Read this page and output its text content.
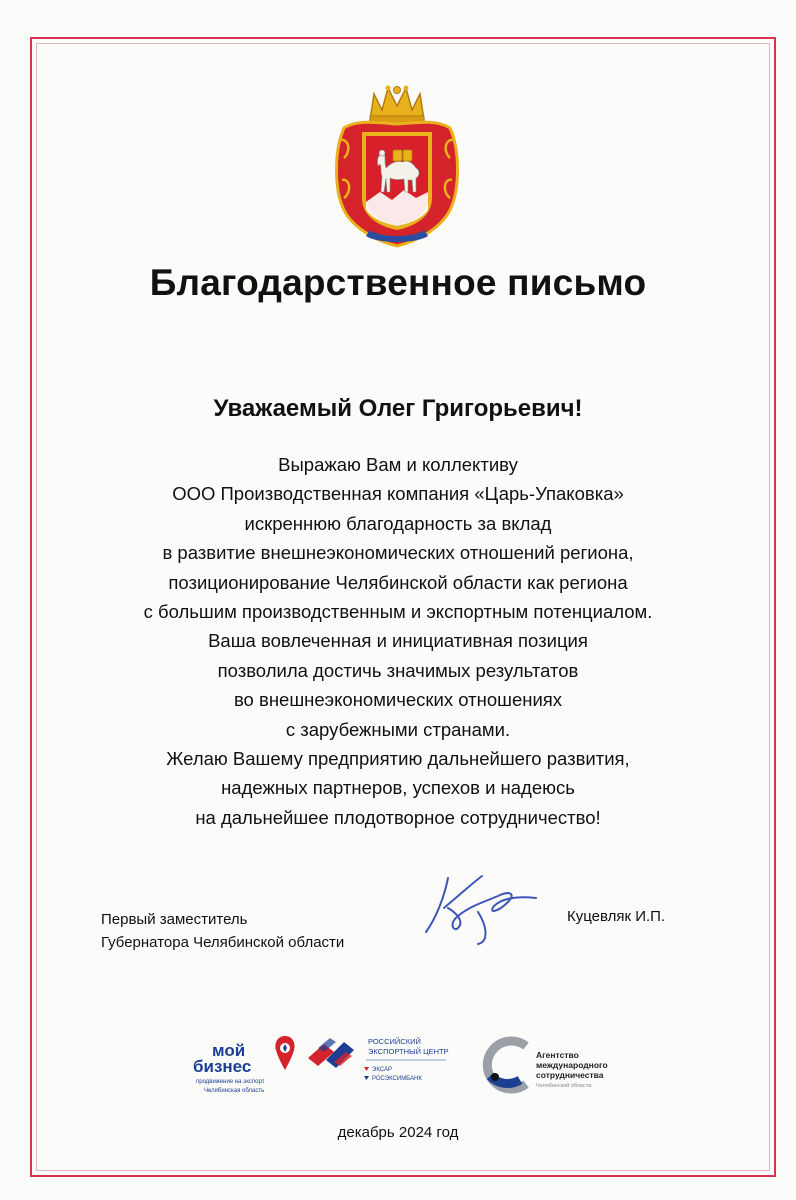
Благодарственное письмо
Уважаемый Олег Григорьевич!
Выражаю Вам и коллективу
ООО Производственная компания «Царь-Упаковка»
искреннюю благодарность за вклад
в развитие внешнеэкономических отношений региона,
позиционирование Челябинской области как региона
с большим производственным и экспортным потенциалом.
Ваша вовлеченная и инициативная позиция
позволила достичь значимых результатов
во внешнеэкономических отношениях
с зарубежными странами.
Желаю Вашему предприятию дальнейшего развития,
надежных партнеров, успехов и надеюсь
на дальнейшее плодотворное сотрудничество!
Первый заместитель
Губернатора Челябинской области
Куцевляк И.П.
мой
бизнес
продвижение на экспорт
Челябинская область
РОССИЙСКИЙ
ЭКСПОРТНЫЙ ЦЕНТР
ЭКСАР
РОСЭКСИМБАНК
Агентство
международного
сотрудничества
Челябинской области
декабрь 2024 год
